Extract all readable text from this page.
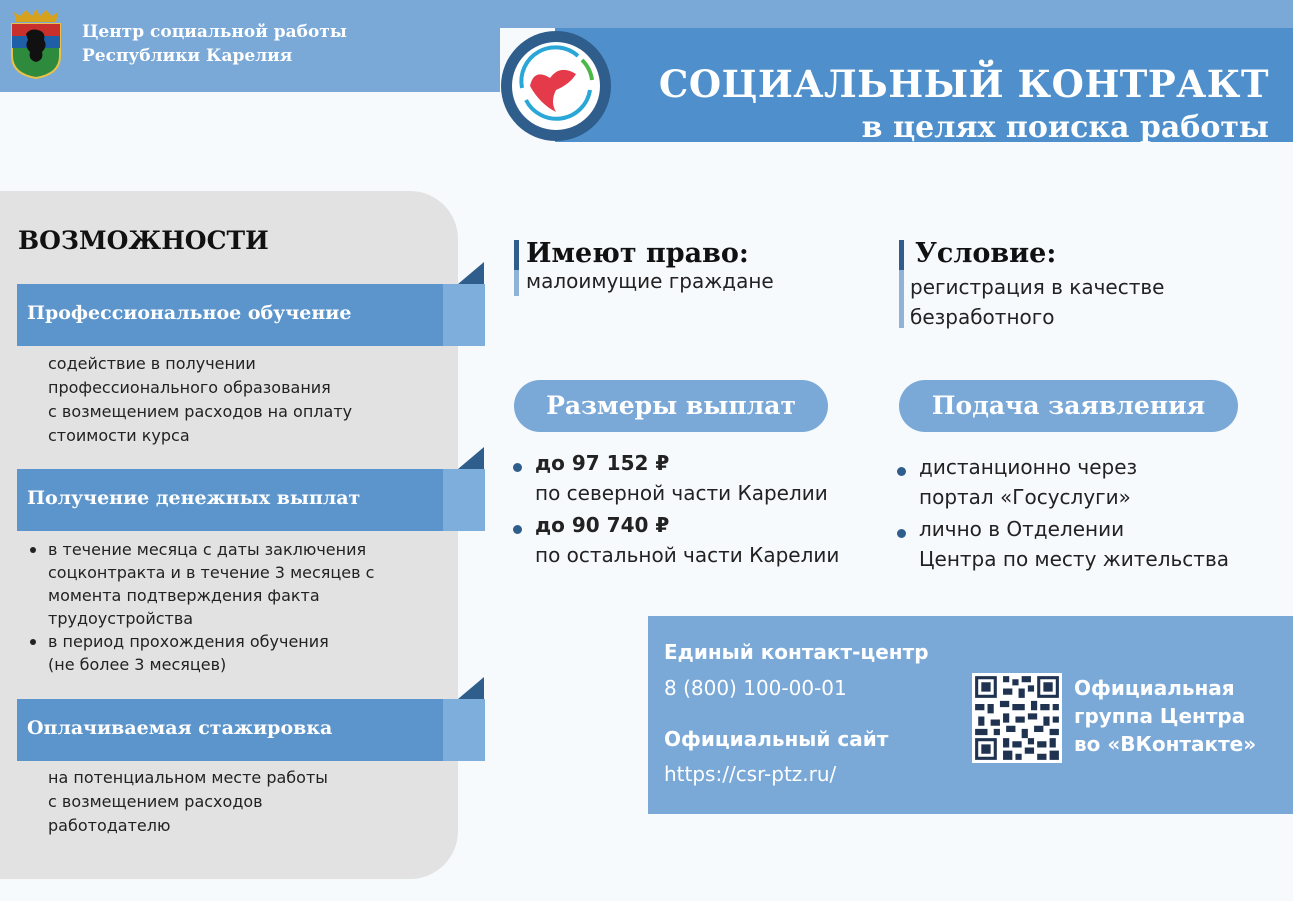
Центр социальной работы
Республики Карелия
СОЦИАЛЬНЫЙ КОНТРАКТ
в целях поиска работы
ВОЗМОЖНОСТИ
Профессиональное обучение
содействие в получении
профессионального образования
с возмещением расходов на оплату
стоимости курса
Получение денежных выплат
в течение месяца с даты заключения
соцконтракта и в течение 3 месяцев с
момента подтверждения факта
трудоустройства
в период прохождения обучения
(не более 3 месяцев)
Оплачиваемая стажировка
на потенциальном месте работы
с возмещением расходов
работодателю
Имеют право:
малоимущие граждане
Условие:
регистрация в качестве
безработного
Размеры выплат
до 97 152 ₽
по северной части Карелии
до 90 740 ₽
по остальной части Карелии
Подача заявления
дистанционно через
портал «Госуслуги»
лично в Отделении
Центра по месту жительства
Единый контакт-центр
8 (800) 100-00-01
Официальный сайт
https://csr-ptz.ru/
Официальная
группа Центра
во «ВКонтакте»
